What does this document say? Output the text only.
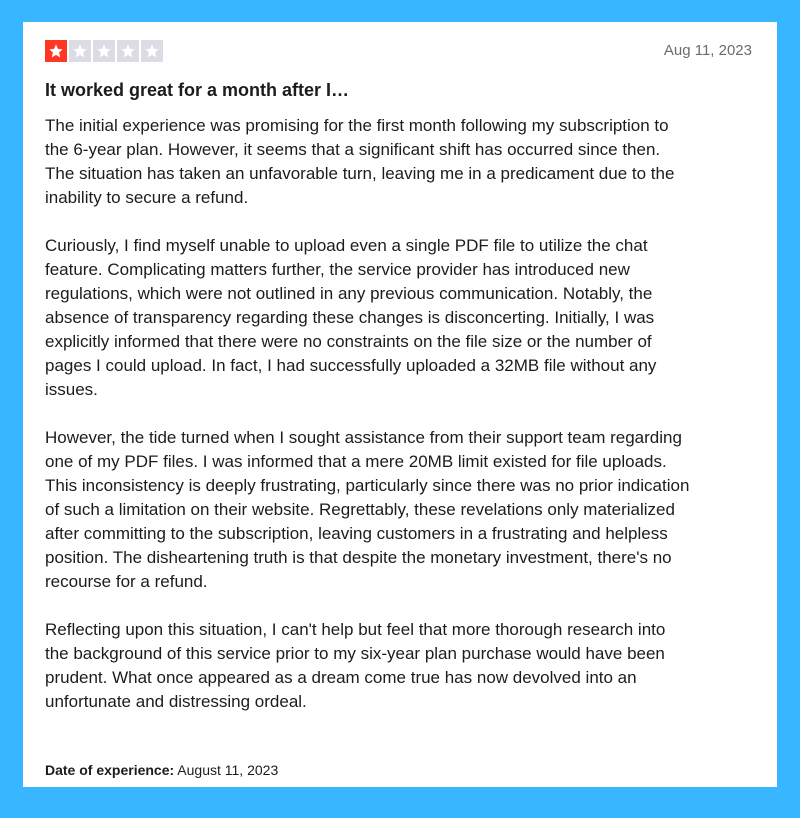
Aug 11, 2023
It worked great for a month after I…

The initial experience was promising for the first month following my subscription to
the 6-year plan. However, it seems that a significant shift has occurred since then.
The situation has taken an unfavorable turn, leaving me in a predicament due to the
inability to secure a refund.

Curiously, I find myself unable to upload even a single PDF file to utilize the chat
feature. Complicating matters further, the service provider has introduced new
regulations, which were not outlined in any previous communication. Notably, the
absence of transparency regarding these changes is disconcerting. Initially, I was
explicitly informed that there were no constraints on the file size or the number of
pages I could upload. In fact, I had successfully uploaded a 32MB file without any
issues.

However, the tide turned when I sought assistance from their support team regarding
one of my PDF files. I was informed that a mere 20MB limit existed for file uploads.
This inconsistency is deeply frustrating, particularly since there was no prior indication
of such a limitation on their website. Regrettably, these revelations only materialized
after committing to the subscription, leaving customers in a frustrating and helpless
position. The disheartening truth is that despite the monetary investment, there's no
recourse for a refund.

Reflecting upon this situation, I can't help but feel that more thorough research into
the background of this service prior to my six-year plan purchase would have been
prudent. What once appeared as a dream come true has now devolved into an
unfortunate and distressing ordeal.

Date of experience: August 11, 2023
